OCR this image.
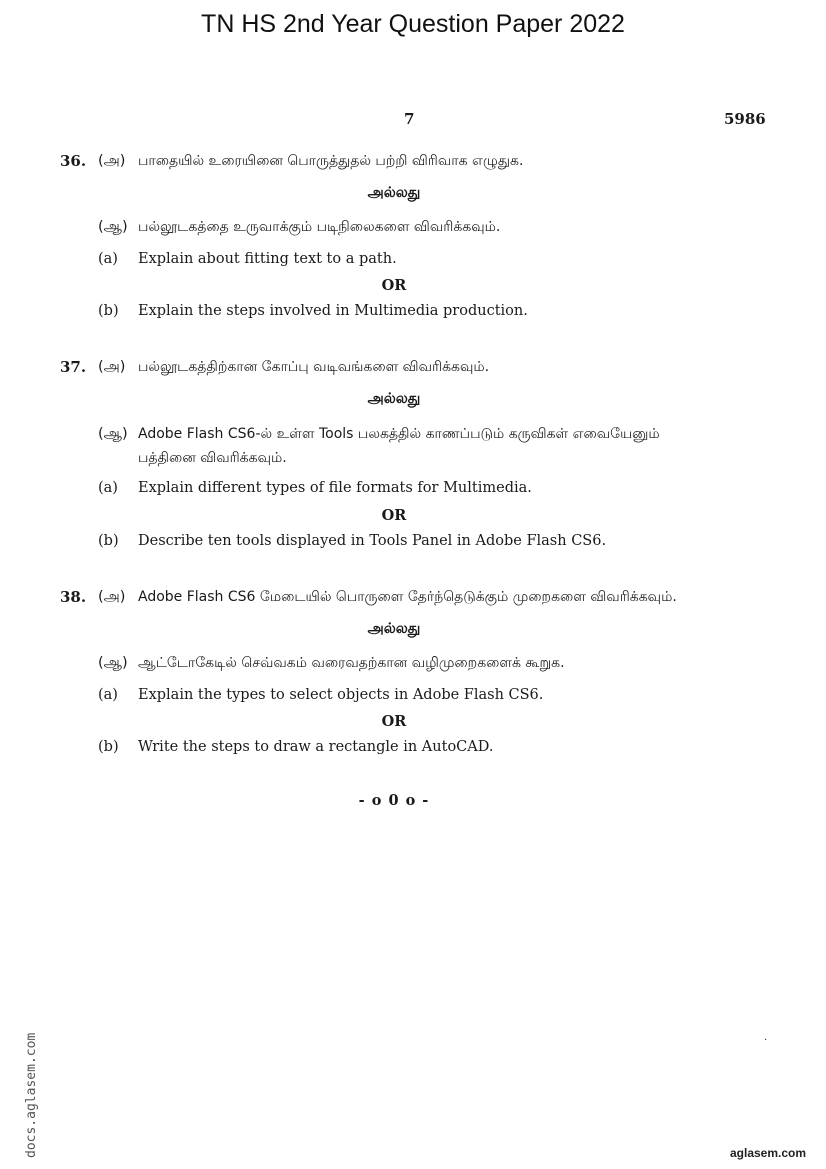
TN HS 2nd Year Question Paper 2022
7	5986
36. (அ) பாதையில் உரையினை பொருத்துதல் பற்றி விரிவாக எழுதுக.
அல்லது
(ஆ) பல்லூடகத்தை உருவாக்கும் படிநிலைகளை விவரிக்கவும்.
(a) Explain about fitting text to a path.
OR
(b) Explain the steps involved in Multimedia production.
37. (அ) பல்லூடகத்திற்கான கோப்பு வடிவங்களை விவரிக்கவும்.
அல்லது
(ஆ) Adobe Flash CS6-ல் உள்ள Tools பலகத்தில் காணப்படும் கருவிகள் எவையேனும்
பத்தினை விவரிக்கவும்.
(a) Explain different types of file formats for Multimedia.
OR
(b) Describe ten tools displayed in Tools Panel in Adobe Flash CS6.
38. (அ) Adobe Flash CS6 மேடையில் பொருளை தேர்ந்தெடுக்கும் முறைகளை விவரிக்கவும்.
அல்லது
(ஆ) ஆட்டோகேடில் செவ்வகம் வரைவதற்கான வழிமுறைகளைக் கூறுக.
(a) Explain the types to select objects in Adobe Flash CS6.
OR
(b) Write the steps to draw a rectangle in AutoCAD.
- o 0 o -
docs.aglasem.com	.
aglasem.com
